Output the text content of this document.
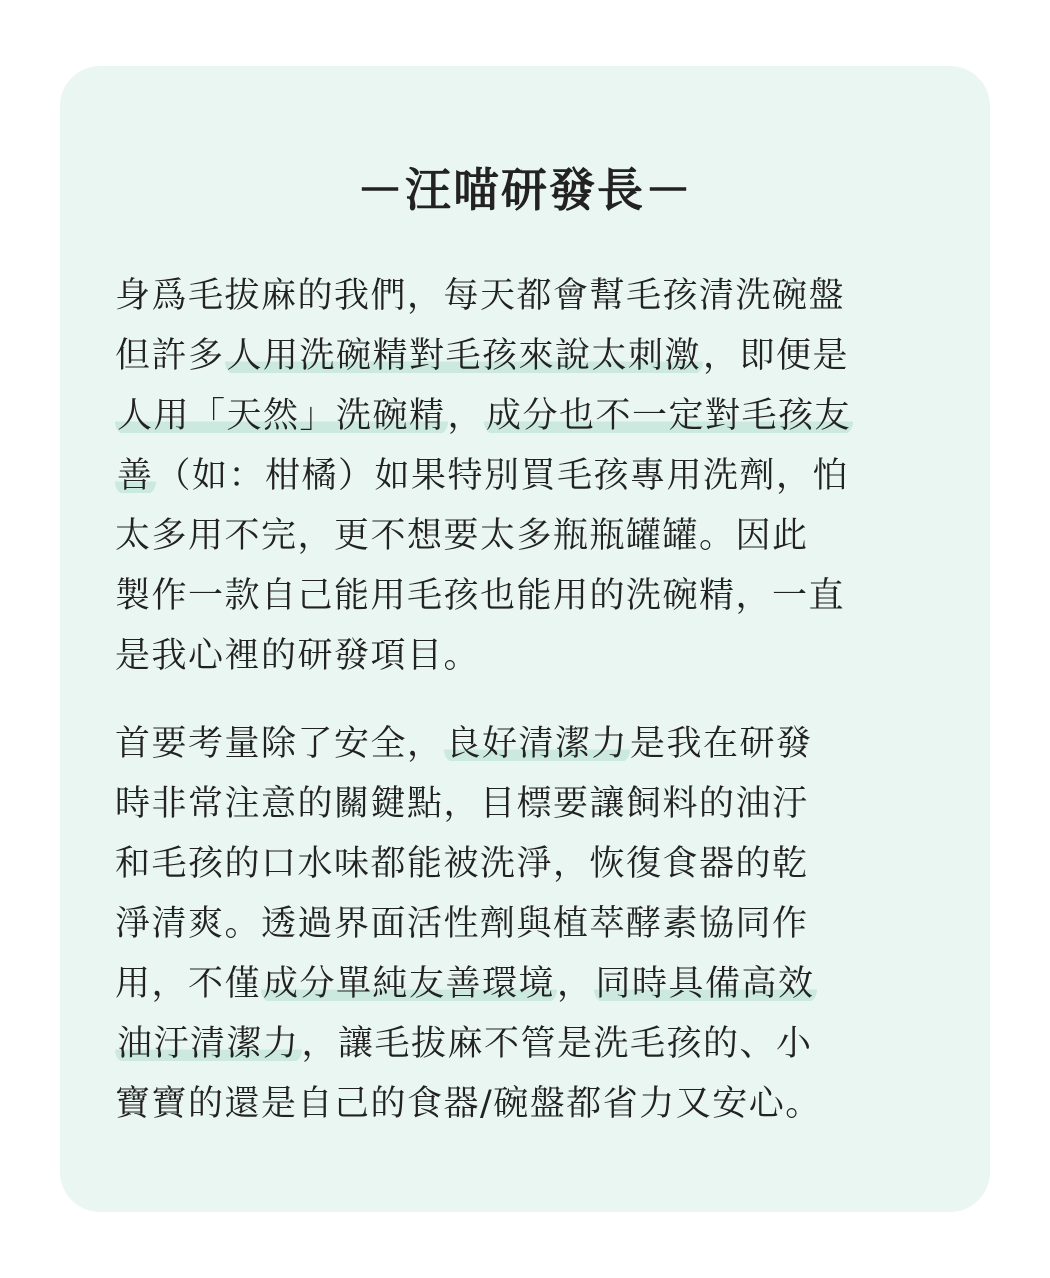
－汪喵研發長－
身爲毛拔麻的我們，每天都會幫毛孩清洗碗盤
但許多人用洗碗精對毛孩來說太刺激，即便是
人用「天然」洗碗精，成分也不一定對毛孩友
善（如：柑橘）如果特別買毛孩專用洗劑，怕
太多用不完，更不想要太多瓶瓶罐罐。因此
製作一款自己能用毛孩也能用的洗碗精，一直
是我心裡的研發項目。
首要考量除了安全，良好清潔力是我在研發
時非常注意的關鍵點，目標要讓飼料的油汙
和毛孩的口水味都能被洗淨，恢復食器的乾
淨清爽。透過界面活性劑與植萃酵素協同作
用，不僅成分單純友善環境，同時具備高效
油汙清潔力，讓毛拔麻不管是洗毛孩的、小
寶寶的還是自己的食器/碗盤都省力又安心。
